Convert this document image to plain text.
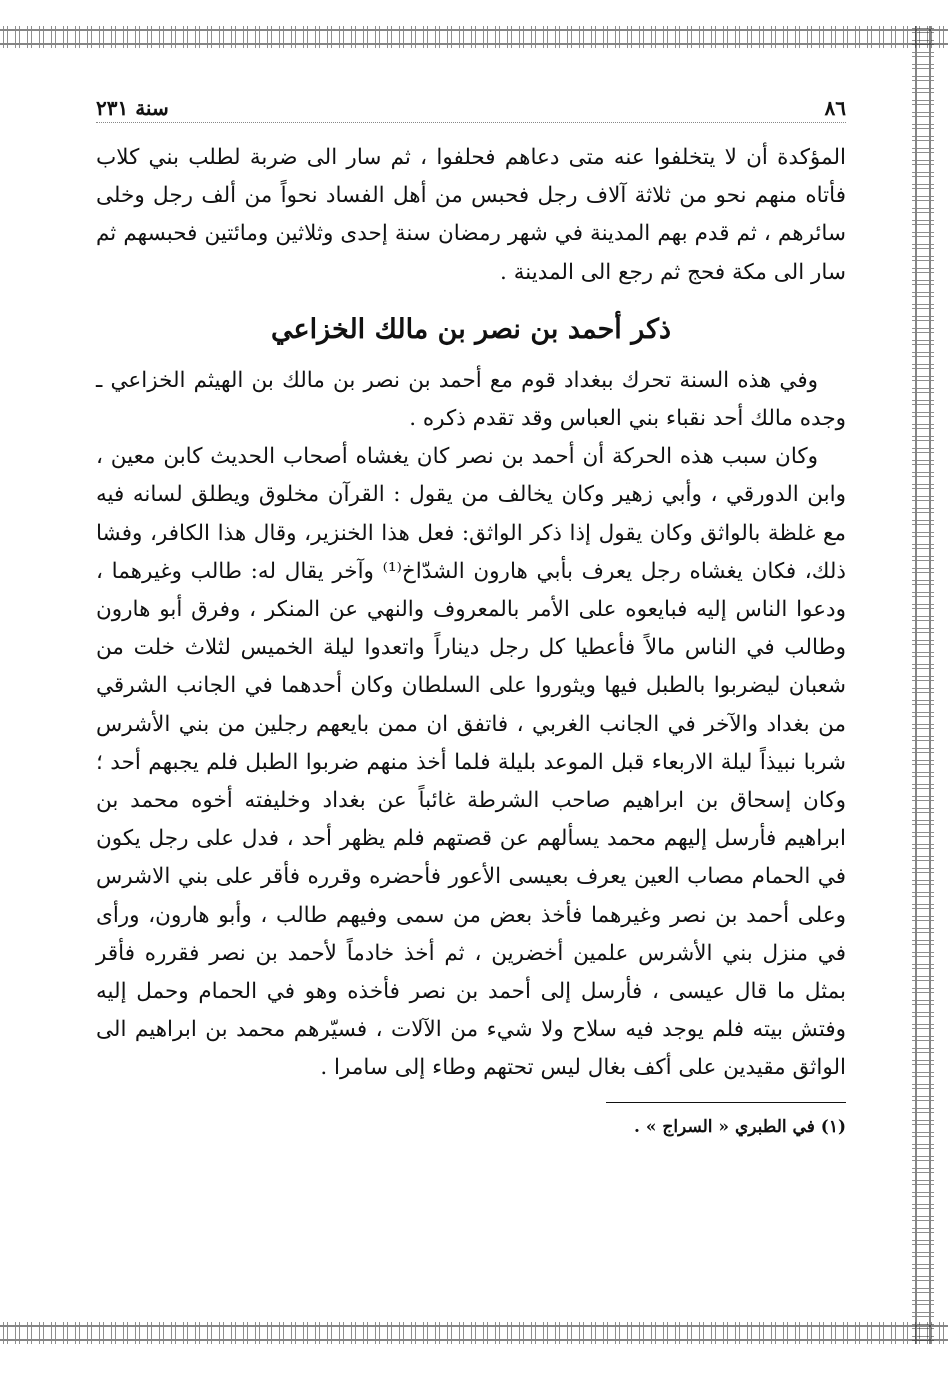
٨٦
سنة ٢٣١

المؤكدة أن لا يتخلفوا عنه متى دعاهم فحلفوا ، ثم سار الى ضربة لطلب بني كلاب فأتاه منهم نحو من ثلاثة آلاف رجل فحبس من أهل الفساد نحواً من ألف رجل وخلى سائرهم ، ثم قدم بهم المدينة في شهر رمضان سنة إحدى وثلاثين ومائتين فحبسهم ثم سار الى مكة فحج ثم رجع الى المدينة .

ذكر أحمد بن نصر بن مالك الخزاعي

وفي هذه السنة تحرك ببغداد قوم مع أحمد بن نصر بن مالك بن الهيثم الخزاعي ـ وجده مالك أحد نقباء بني العباس وقد تقدم ذكره .

وكان سبب هذه الحركة أن أحمد بن نصر كان يغشاه أصحاب الحديث كابن معين ، وابن الدورقي ، وأبي زهير وكان يخالف من يقول : القرآن مخلوق ويطلق لسانه فيه مع غلظة بالواثق وكان يقول إذا ذكر الواثق: فعل هذا الخنزير، وقال هذا الكافر، وفشا ذلك، فكان يغشاه رجل يعرف بأبي هارون الشدّاخ⁽¹⁾ وآخر يقال له: طالب وغيرهما ، ودعوا الناس إليه فبايعوه على الأمر بالمعروف والنهي عن المنكر ، وفرق أبو هارون وطالب في الناس مالاً فأعطيا كل رجل ديناراً واتعدوا ليلة الخميس لثلاث خلت من شعبان ليضربوا بالطبل فيها ويثوروا على السلطان وكان أحدهما في الجانب الشرقي من بغداد والآخر في الجانب الغربي ، فاتفق ان ممن بايعهم رجلين من بني الأشرس شربا نبيذاً ليلة الاربعاء قبل الموعد بليلة فلما أخذ منهم ضربوا الطبل فلم يجبهم أحد ؛ وكان إسحاق بن ابراهيم صاحب الشرطة غائباً عن بغداد وخليفته أخوه محمد بن ابراهيم فأرسل إليهم محمد يسألهم عن قصتهم فلم يظهر أحد ، فدل على رجل يكون في الحمام مصاب العين يعرف بعيسى الأعور فأحضره وقرره فأقر على بني الاشرس وعلى أحمد بن نصر وغيرهما فأخذ بعض من سمى وفيهم طالب ، وأبو هارون، ورأى في منزل بني الأشرس علمين أخضرين ، ثم أخذ خادماً لأحمد بن نصر فقرره فأقر بمثل ما قال عيسى ، فأرسل إلى أحمد بن نصر فأخذه وهو في الحمام وحمل إليه وفتش بيته فلم يوجد فيه سلاح ولا شيء من الآلات ، فسيّرهم محمد بن ابراهيم الى الواثق مقيدين على أكف بغال ليس تحتهم وطاء إلى سامرا .

(١) في الطبري « السراج » .
